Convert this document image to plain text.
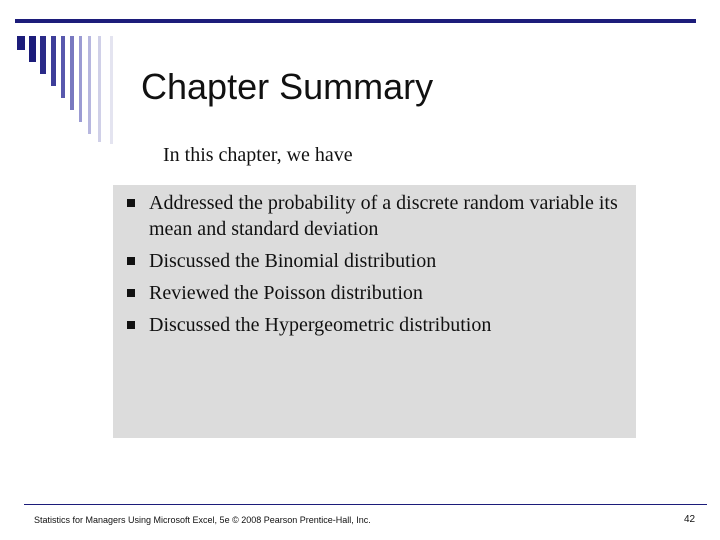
Chapter Summary
In this chapter, we have
Addressed the probability of a discrete random variable its mean and standard deviation
Discussed the Binomial distribution
Reviewed the Poisson distribution
Discussed the Hypergeometric distribution
Statistics for Managers Using Microsoft Excel, 5e © 2008 Pearson Prentice-Hall, Inc.	42
